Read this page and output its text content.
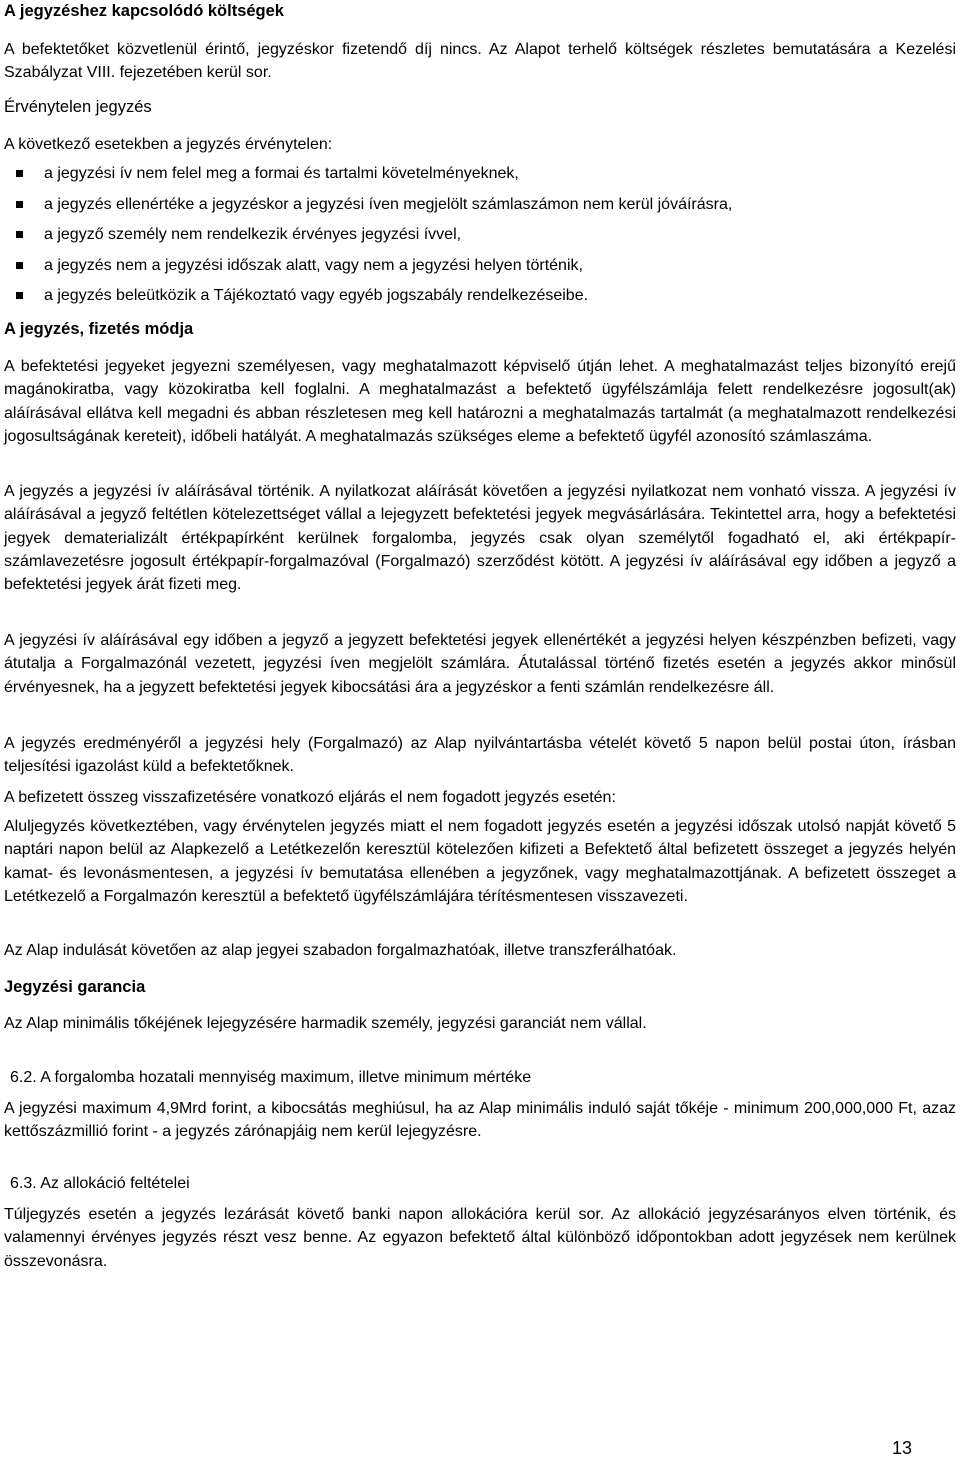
A jegyzéshez kapcsolódó költségek

A befektetőket közvetlenül érintő, jegyzéskor fizetendő díj nincs. Az Alapot terhelő költségek részletes bemutatására a Kezelési Szabályzat VIII. fejezetében kerül sor.

Érvénytelen jegyzés

A következő esetekben a jegyzés érvénytelen:

a jegyzési ív nem felel meg a formai és tartalmi követelményeknek,
a jegyzés ellenértéke a jegyzéskor a jegyzési íven megjelölt számlaszámon nem kerül jóváírásra,
a jegyző személy nem rendelkezik érvényes jegyzési ívvel,
a jegyzés nem a jegyzési időszak alatt, vagy nem a jegyzési helyen történik,
a jegyzés beleütközik a Tájékoztató vagy egyéb jogszabály rendelkezéseibe.
A jegyzés, fizetés módja

A befektetési jegyeket jegyezni személyesen, vagy meghatalmazott képviselő útján lehet. A meghatalmazást teljes bizonyító erejű magánokiratba, vagy közokiratba kell foglalni. A meghatalmazást a befektető ügyfélszámlája felett rendelkezésre jogosult(ak) aláírásával ellátva kell megadni és abban részletesen meg kell határozni a meghatalmazás tartalmát (a meghatalmazott rendelkezési jogosultságának kereteit), időbeli hatályát. A meghatalmazás szükséges eleme a befektető ügyfél azonosító számlaszáma.

A jegyzés a jegyzési ív aláírásával történik. A nyilatkozat aláírását követően a jegyzési nyilatkozat nem vonható vissza. A jegyzési ív aláírásával a jegyző feltétlen kötelezettséget vállal a lejegyzett befektetési jegyek megvásárlására. Tekintettel arra, hogy a befektetési jegyek dematerializált értékpapírként kerülnek forgalomba, jegyzés csak olyan személytől fogadható el, aki értékpapír-számlavezetésre jogosult értékpapír-forgalmazóval (Forgalmazó) szerződést kötött. A jegyzési ív aláírásával egy időben a jegyző a befektetési jegyek árát fizeti meg.

A jegyzési ív aláírásával egy időben a jegyző a jegyzett befektetési jegyek ellenértékét a jegyzési helyen készpénzben befizeti, vagy átutalja a Forgalmazónál vezetett, jegyzési íven megjelölt számlára. Átutalással történő fizetés esetén a jegyzés akkor minősül érvényesnek, ha a jegyzett befektetési jegyek kibocsátási ára a jegyzéskor a fenti számlán rendelkezésre áll.

A jegyzés eredményéről a jegyzési hely (Forgalmazó) az Alap nyilvántartásba vételét követő 5 napon belül postai úton, írásban teljesítési igazolást küld a befektetőknek.

A befizetett összeg visszafizetésére vonatkozó eljárás el nem fogadott jegyzés esetén:

Aluljegyzés következtében, vagy érvénytelen jegyzés miatt el nem fogadott jegyzés esetén a jegyzési időszak utolsó napját követő 5 naptári napon belül az Alapkezelő a Letétkezelőn keresztül kötelezően kifizeti a Befektető által befizetett összeget a jegyzés helyén kamat- és levonásmentesen, a jegyzési ív bemutatása ellenében a jegyzőnek, vagy meghatalmazottjának. A befizetett összeget a Letétkezelő a Forgalmazón keresztül a befektető ügyfélszámlájára térítésmentesen visszavezeti.

Az Alap indulását követően az alap jegyei szabadon forgalmazhatóak, illetve transzferálhatóak.

Jegyzési garancia

Az Alap minimális tőkéjének lejegyzésére harmadik személy, jegyzési garanciát nem vállal.

6.2. A forgalomba hozatali mennyiség maximum, illetve minimum mértéke

A jegyzési maximum 4,9Mrd forint, a kibocsátás meghiúsul, ha az Alap minimális induló saját tőkéje - minimum 200,000,000 Ft, azaz kettőszázmillió forint - a jegyzés zárónapjáig nem kerül lejegyzésre.

6.3. Az allokáció feltételei

Túljegyzés esetén a jegyzés lezárását követő banki napon allokációra kerül sor. Az allokáció jegyzésarányos elven történik, és valamennyi érvényes jegyzés részt vesz benne. Az egyazon befektető által különböző időpontokban adott jegyzések nem kerülnek összevonásra.

13
